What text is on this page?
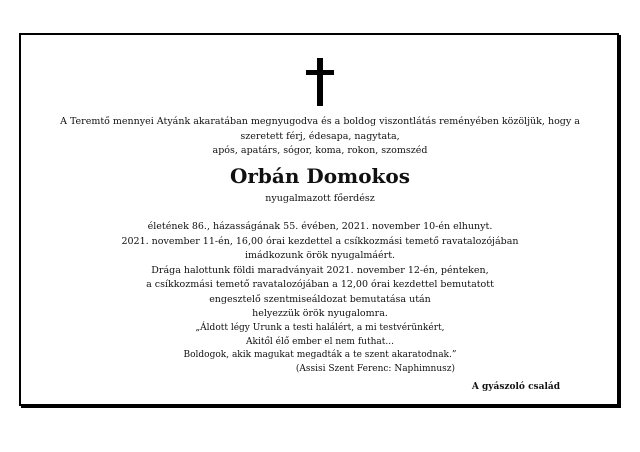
A Teremtő mennyei Atyánk akaratában megnyugodva és a boldog viszontlátás reményében közöljük, hogy a
szeretett férj, édesapa, nagytata,
após, apatárs, sógor, koma, rokon, szomszéd
Orbán Domokos
nyugalmazott főerdész
életének 86., házasságának 55. évében, 2021. november 10-én elhunyt.
2021. november 11-én, 16,00 órai kezdettel a csíkkozmási temető ravatalozójában
imádkozunk örök nyugalmáért.
Drága halottunk földi maradványait 2021. november 12-én, pénteken,
a csíkkozmási temető ravatalozójában a 12,00 órai kezdettel bemutatott
engesztelő szentmiseáldozat bemutatása után
helyezzük örök nyugalomra.
„Áldott légy Urunk a testi halálért, a mi testvérünkért,
Akitől élő ember el nem futhat...
Boldogok, akik magukat megadták a te szent akaratodnak.”
(Assisi Szent Ferenc: Naphimnusz)
A gyászoló család
